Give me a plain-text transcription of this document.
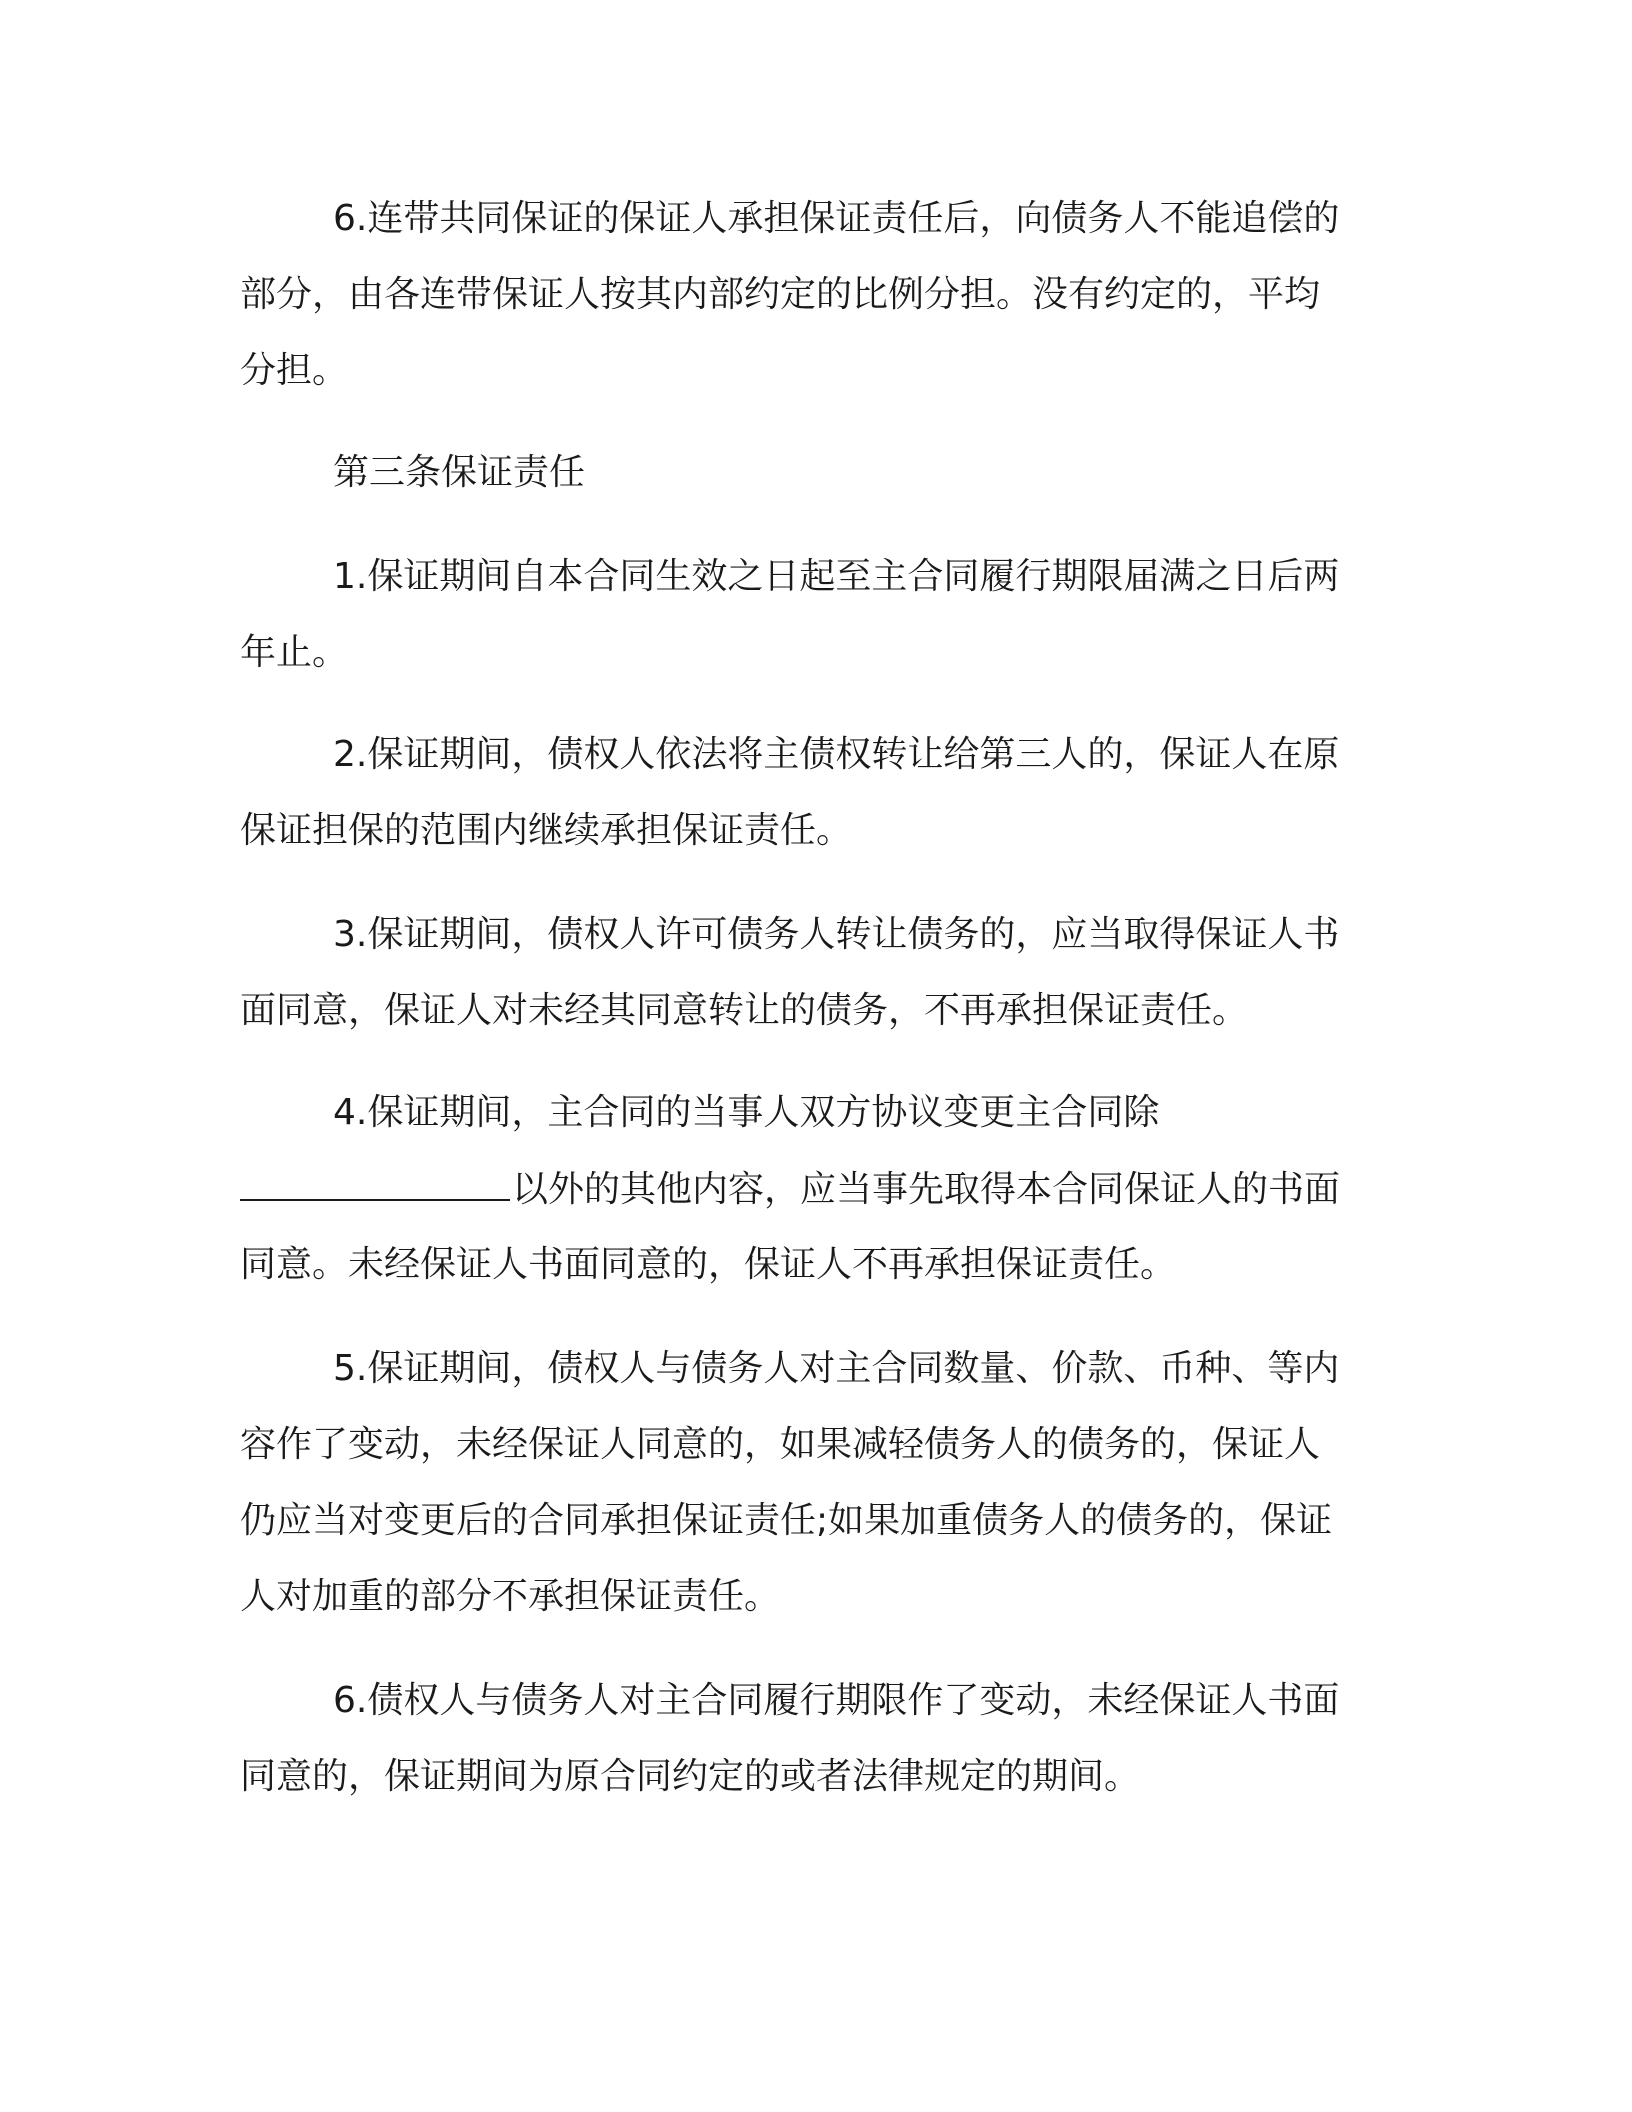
6.连带共同保证的保证人承担保证责任后，向债务人不能追偿的
部分，由各连带保证人按其内部约定的比例分担。没有约定的，平均
分担。
第三条保证责任
1.保证期间自本合同生效之日起至主合同履行期限届满之日后两
年止。
2.保证期间，债权人依法将主债权转让给第三人的，保证人在原
保证担保的范围内继续承担保证责任。
3.保证期间，债权人许可债务人转让债务的，应当取得保证人书
面同意，保证人对未经其同意转让的债务，不再承担保证责任。
4.保证期间，主合同的当事人双方协议变更主合同除
以外的其他内容，应当事先取得本合同保证人的书面
同意。未经保证人书面同意的，保证人不再承担保证责任。
5.保证期间，债权人与债务人对主合同数量、价款、币种、等内
容作了变动，未经保证人同意的，如果减轻债务人的债务的，保证人
仍应当对变更后的合同承担保证责任;如果加重债务人的债务的，保证
人对加重的部分不承担保证责任。
6.债权人与债务人对主合同履行期限作了变动，未经保证人书面
同意的，保证期间为原合同约定的或者法律规定的期间。
